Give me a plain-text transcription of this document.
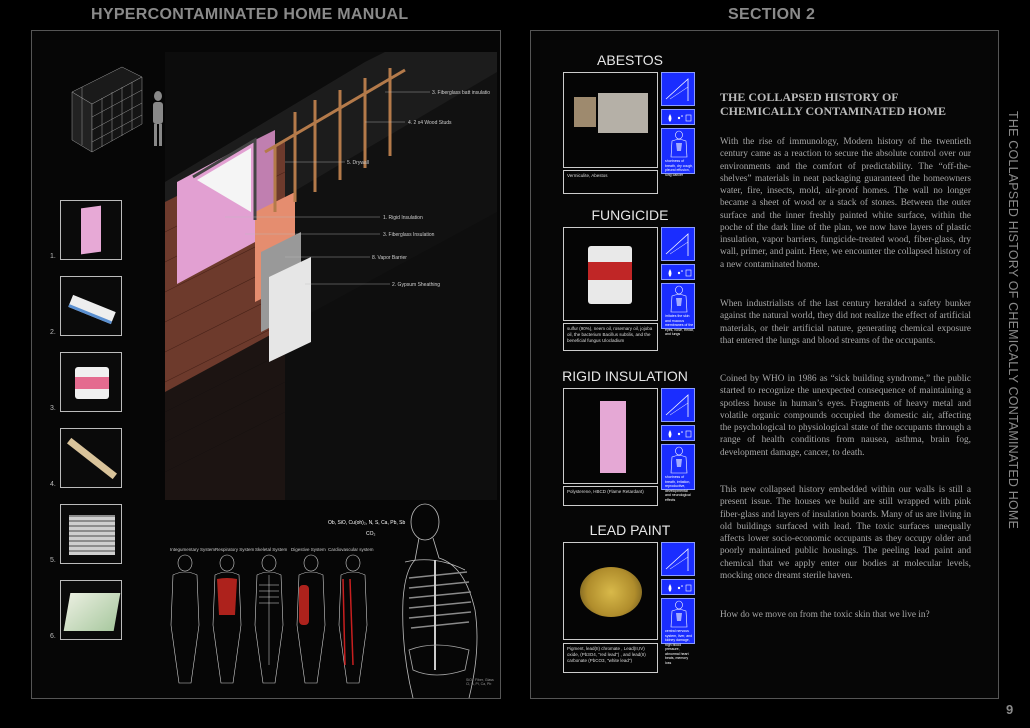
HYPERCONTAMINATED HOME MANUAL	SECTION 2
1.
2.
3.
4.
5.
6.
3. Fiberglass batt insulatio
4. 2 x4 Wood Studs
5. Drywall
1. Rigid Insulation
3. Fiberglass Insulation
8. Vapor Barrier
2. Gypsum Sheathing
Integumentary System Respiratory System Skeletal System Digestive System Cardiovascular system
Ob, SiO, Cu(oh)₂, N, S, Ca, Pb, Sb
CO₂
SiO₂, Fiber, Glass
Cl, B, Pl, Ca, Pb
ABESTOS
Vermiculite, Abestos
FUNGICIDE
sulfur (90%), neem oil, rosemary oil, jojoba oil, the bacterium Bacillus subtilis, and the beneficial fungus Ulocladium
RIGID INSULATION
Polysterene, HBCD (Flame Retardant)
LEAD PAINT
Pigment, lead(II) chromate , Lead(II,IV) oxide, (Pb3O4, "red lead") , and lead(II) carbonate (PbCO3, "white lead")
shortness of breath, dry cough, pleural effusion, lung cancer
irritates the skin and mucous membranes of the eyes, nose, throat, and lungs
shortness of breath, irritation, reproductive, developmental and neurological effects
central nervous system, liver, and kidney damage, high blood pressure, abnormal heart beats, memory loss
THE COLLAPSED HISTORY OF CHEMICALLY CONTAMINATED HOME

With the rise of immunology, Modern history of the twentieth century came as a reaction to secure the absolute control over our environments and the comfort of predictability. The “off-the-shelves” materials in neat packaging guaranteed the homeowners water, fire, insects, mold, air-proof homes. The wall no longer became a sheet of wood or a stack of stones. Between the outer surface and the inner freshly painted white surface, within the poche of the dark line of the plan, we now have layers of plastic insulation, vapor barriers, fungicide-treated wood, fiber-glass, dry wall, primer, and paint. Here, we encounter the collapsed history of a new contaminated home.

When industrialists of the last century heralded a safety bunker against the natural world, they did not realize the effect of artificial materials, or their artificial nature, generating chemical exposure that entered the lungs and blood streams of the occupants.

Coined by WHO in 1986 as “sick building syndrome,” the public started to recognize the unexpected consequence of maintaining a spotless house in human’s eyes. Fragments of heavy metal and volatile organic compounds occupied the domestic air, affecting the psychological to physiological state of the occupants through a range of health conditions from nausea, asthma, brain fog, development damage, cancer, to death.

This new collapsed history embedded within our walls is still a present issue. The houses we build are still wrapped with pink fiber-glass and layers of insulation boards. Many of us are living in old buildings surfaced with lead. The toxic surfaces unequally affects lower socio-economic occupants as they occupy older and poorly maintained public housings. The peeling lead paint and chemical that we apply enter our bodies at molecular levels, mocking once dreamt sterile haven.

How do we move on from the toxic skin that we live in?

THE COLLAPSED HISTORY OF CHEMICALLY CONTAMINATED HOME
9
